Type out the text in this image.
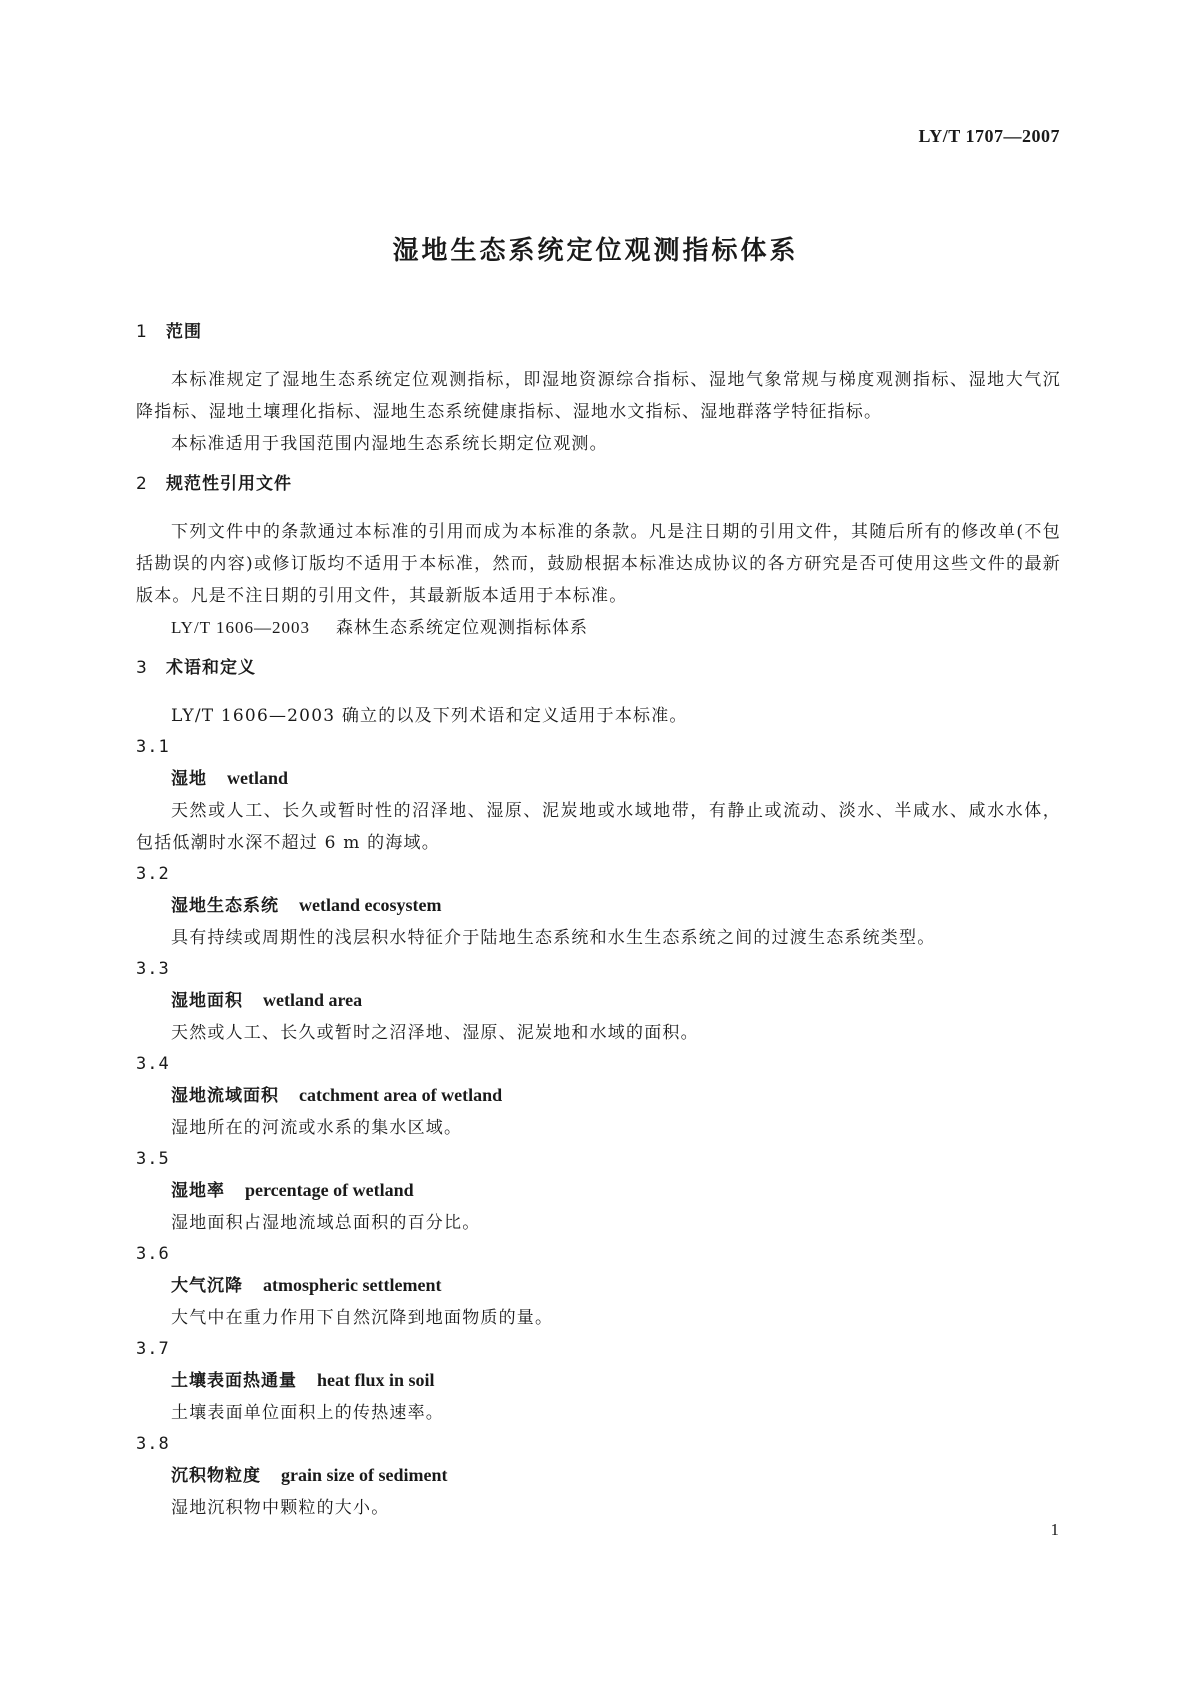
LY/T 1707—2007
湿地生态系统定位观测指标体系
1 范围

本标准规定了湿地生态系统定位观测指标，即湿地资源综合指标、湿地气象常规与梯度观测指标、湿地大气沉降指标、湿地土壤理化指标、湿地生态系统健康指标、湿地水文指标、湿地群落学特征指标。

本标准适用于我国范围内湿地生态系统长期定位观测。

2 规范性引用文件

下列文件中的条款通过本标准的引用而成为本标准的条款。凡是注日期的引用文件，其随后所有的修改单(不包括勘误的内容)或修订版均不适用于本标准，然而，鼓励根据本标准达成协议的各方研究是否可使用这些文件的最新版本。凡是不注日期的引用文件，其最新版本适用于本标准。

LY/T 1606—2003 森林生态系统定位观测指标体系

3 术语和定义

LY/T 1606—2003 确立的以及下列术语和定义适用于本标准。

3.1

湿地 wetland

天然或人工、长久或暂时性的沼泽地、湿原、泥炭地或水域地带，有静止或流动、淡水、半咸水、咸水水体，包括低潮时水深不超过 6 m 的海域。

3.2

湿地生态系统 wetland ecosystem

具有持续或周期性的浅层积水特征介于陆地生态系统和水生生态系统之间的过渡生态系统类型。

3.3

湿地面积 wetland area

天然或人工、长久或暂时之沼泽地、湿原、泥炭地和水域的面积。

3.4

湿地流域面积 catchment area of wetland

湿地所在的河流或水系的集水区域。

3.5

湿地率 percentage of wetland

湿地面积占湿地流域总面积的百分比。

3.6

大气沉降 atmospheric settlement

大气中在重力作用下自然沉降到地面物质的量。

3.7

土壤表面热通量 heat flux in soil

土壤表面单位面积上的传热速率。

3.8

沉积物粒度 grain size of sediment

湿地沉积物中颗粒的大小。

1
